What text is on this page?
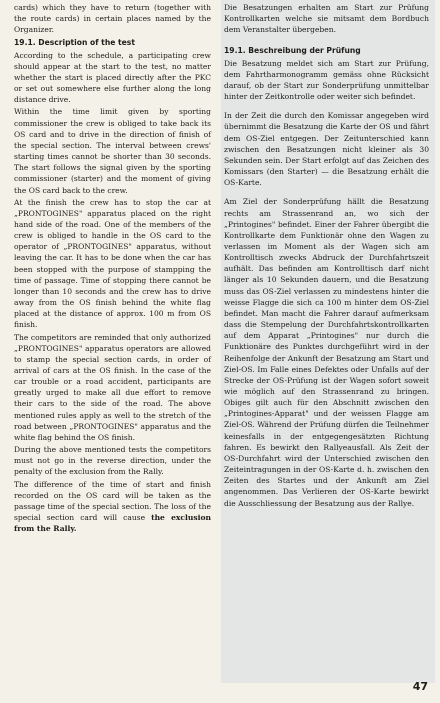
cards) which they have to return (together with the route cards) in certain places named by the Organizer.

19.1. Description of the test

According to the schedule, a participating crew should appear at the start to the test, no matter whether the start is placed directly after the PKC or set out somewhere else further along the long distance drive.

Within the time limit given by sporting commissioner the crew is obliged to take back its OS card and to drive in the direction of finish of the special section. The interval between crews' starting times cannot be shorter than 30 seconds. The start follows the signal given by the sporting commissioner (starter) and the moment of giving the OS card back to the crew.

At the finish the crew has to stop the car at „PRONTOGINES" apparatus placed on the right hand side of the road. One of the members of the crew is obliged to handle in the OS card to the operator of „PRONTOGINES" apparatus, without leaving the car. It has to be done when the car has been stopped with the purpose of stampping the time of passage. Time of stopping there cannot be longer than 10 seconds and the crew has to drive away from the OS finish behind the white flag placed at the distance of approx. 100 m from OS finish.

The competitors are reminded that only authorized „PRONTOGINES" apparatus operators are allowed to stamp the special section cards, in order of arrival of cars at the OS finish. In the case of the car trouble or a road accident, participants are greatly urged to make all due effort to remove their cars to the side of the road. The above mentioned rules apply as well to the stretch of the road between „PRONTOGINES" apparatus and the white flag behind the OS finish.

During the above mentioned tests the competitors must not go in the reverse direction, under the penalty of the exclusion from the Rally.

The difference of the time of start and finish recorded on the OS card will be taken as the passage time of the special section. The loss of the special section card will cause the exclusion from the Rally.

Die Besatzungen erhalten am Start zur Prüfung Kontrollkarten welche sie mitsamt dem Bordbuch dem Veranstalter übergeben.

19.1. Beschreibung der Prüfung

Die Besatzung meldet sich am Start zur Prüfung, dem Fahrtharmonogramm gemäss ohne Rücksicht darauf, ob der Start zur Sonderprüfung unmittelbar hinter der Zeitkontrolle oder weiter sich befindet.

In der Zeit die durch den Komissar angegeben wird übernimmt die Besatzung die Karte der OS und fährt dem OS-Ziel entgegen. Der Zeitunterschied kann zwischen den Besatzungen nicht kleiner als 30 Sekunden sein. Der Start erfolgt auf das Zeichen des Komissars (den Starter) — die Besatzung erhält die OS-Karte.

Am Ziel der Sonderprüfung hällt die Besatzung rechts am Strassenrand an, wo sich der „Printogines" befindet. Einer der Fahrer übergibt die Kontrollkarte dem Funktionär ohne den Wagen zu verlassen im Moment als der Wagen sich am Kontrolltisch zwecks Abdruck der Durchfahrtszeit aufhält. Das befinden am Kontrolltisch darf nicht länger als 10 Sekunden dauern, und die Besatzung muss das OS-Ziel verlassen zu mindestens hinter die weisse Flagge die sich ca 100 m hinter dem OS-Ziel befindet. Man macht die Fahrer darauf aufmerksam dass die Stempelung der Durchfahrtskontrollkarten auf dem Apparat „Printogines" nur durch die Funktionäre des Punktes durchgeführt wird in der Reihenfolge der Ankunft der Besatzung am Start und Ziel-OS. Im Falle eines Defektes oder Unfalls auf der Strecke der OS-Prüfung ist der Wagen sofort soweit wie möglich auf den Strassenrand zu bringen. Obiges gilt auch für den Abschnitt zwischen den „Printogines-Apparat" und der weissen Flagge am Ziel-OS. Während der Prüfung dürfen die Teilnehmer keinesfalls in der entgegengesätzten Richtung fahren. Es bewirkt den Rallyeausfall. Als Zeit der OS-Durchfahrt wird der Unterschied zwischen den Zeiteintragungen in der OS-Karte d. h. zwischen den Zeiten des Startes und der Ankunft am Ziel angenommen. Das Verlieren der OS-Karte bewirkt die Ausschliessung der Besatzung aus der Rallye.

47
